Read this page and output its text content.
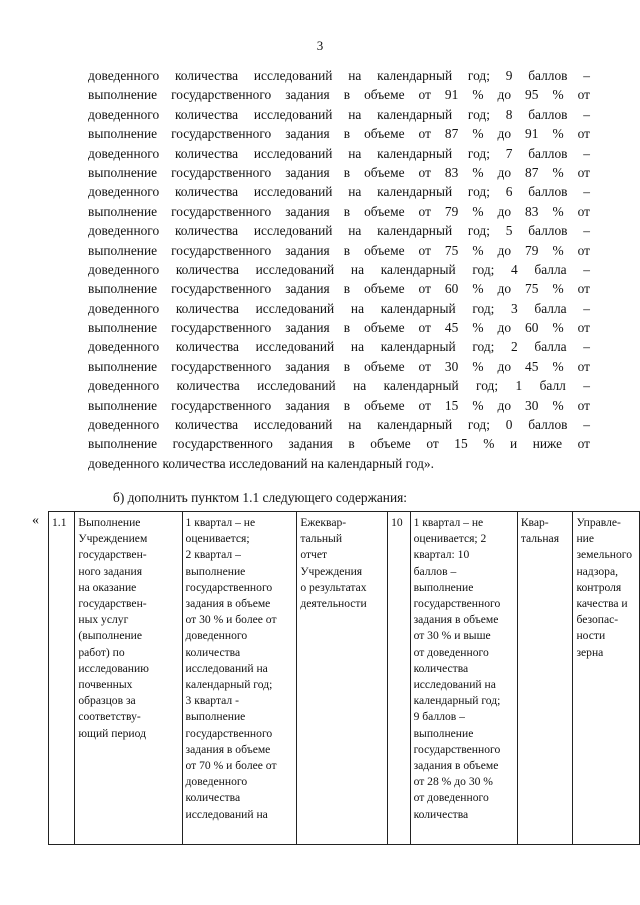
3
доведенного количества исследований на календарный год; 9 баллов –
выполнение государственного задания в объеме от 91 % до 95 % от
доведенного количества исследований на календарный год; 8 баллов –
выполнение государственного задания в объеме от 87 % до 91 % от
доведенного количества исследований на календарный год; 7 баллов –
выполнение государственного задания в объеме от 83 % до 87 % от
доведенного количества исследований на календарный год; 6 баллов –
выполнение государственного задания в объеме от 79 % до 83 % от
доведенного количества исследований на календарный год; 5 баллов –
выполнение государственного задания в объеме от 75 % до 79 % от
доведенного количества исследований на календарный год; 4 балла –
выполнение государственного задания в объеме от 60 % до 75 % от
доведенного количества исследований на календарный год; 3 балла –
выполнение государственного задания в объеме от 45 % до 60 % от
доведенного количества исследований на календарный год; 2 балла –
выполнение государственного задания в объеме от 30 % до 45 % от
доведенного количества исследований на календарный год; 1 балл –
выполнение государственного задания в объеме от 15 % до 30 % от
доведенного количества исследований на календарный год; 0 баллов –
выполнение государственного задания в объеме от 15 % и ниже от
доведенного количества исследований на календарный год».
б) дополнить пунктом 1.1 следующего содержания:
« 1.1	Выполнение
Учреждением
государствен-
ного задания
на оказание
государствен-
ных услуг
(выполнение
работ) по
исследованию
почвенных
образцов за
соответству-
ющий период

1 квартал – не
оценивается;
2 квартал –
выполнение
государственного
задания в объеме
от 30 % и более от
доведенного
количества
исследований на
календарный год;
3 квартал -
выполнение
государственного
задания в объеме
от 70 % и более от
доведенного
количества
исследований на

Ежеквар-
тальный
отчет
Учреждения
о результатах
деятельности
	10	1 квартал – не
оценивается; 2
квартал: 10
баллов –
выполнение
государственного
задания в объеме
от 30 % и выше
от доведенного
количества
исследований на
календарный год;
9 баллов –
выполнение
государственного
задания в объеме
от 28 % до 30 %
от доведенного
количества

Квар-
тальная

Управле-
ние
земельного
надзора,
контроля
качества и
безопас-
ности
зерна
